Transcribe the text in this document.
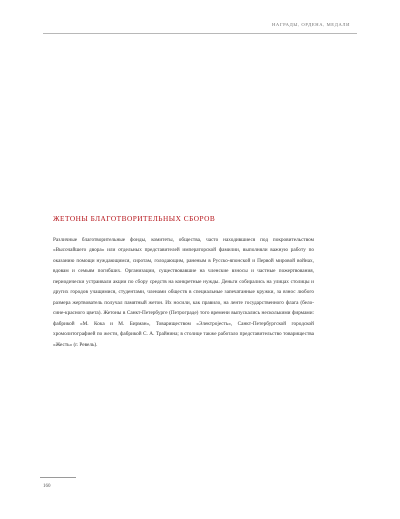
НАГРАДЫ, ОРДЕНА, МЕДАЛИ
ЖЕТОНЫ БЛАГОТВОРИТЕЛЬНЫХ СБОРОВ

Различные благотворительные фонды, комитеты, общества, часто находившиеся под покровительством «Высочайшего двора» или отдельных представителей императорской фамилии, выполняли важную работу по оказанию помощи нуждающимся, сиротам, голодающим, раненым в Русско-японской и Первой мировой войнах, вдовам и семьям погибших. Организации, существовавшие на членские взносы и частные пожертвования, периодически устраивали акции по сбору средств на конкретные нужды. Деньги собирались на улицах столицы и других городов учащимися, студентами, членами обществ в специальные запечатанные кружки, за взнос любого размера жертвователь получал памятный жетон. Их носили, как правило, на ленте государственного флага (бело-сине-красного цвета). Жетоны в Санкт-Петербурге (Петрограде) того времени выпускались несколькими фирмами: фабрикой «М. Кока и М. Бирман», Товариществом «Электроjесть», Санкт-Петербургской городской хромолитографией по жести, фабрикой С. А. Трайнина; в столице также работало представительство товарищества «Жесть» (г. Ревель).

160
